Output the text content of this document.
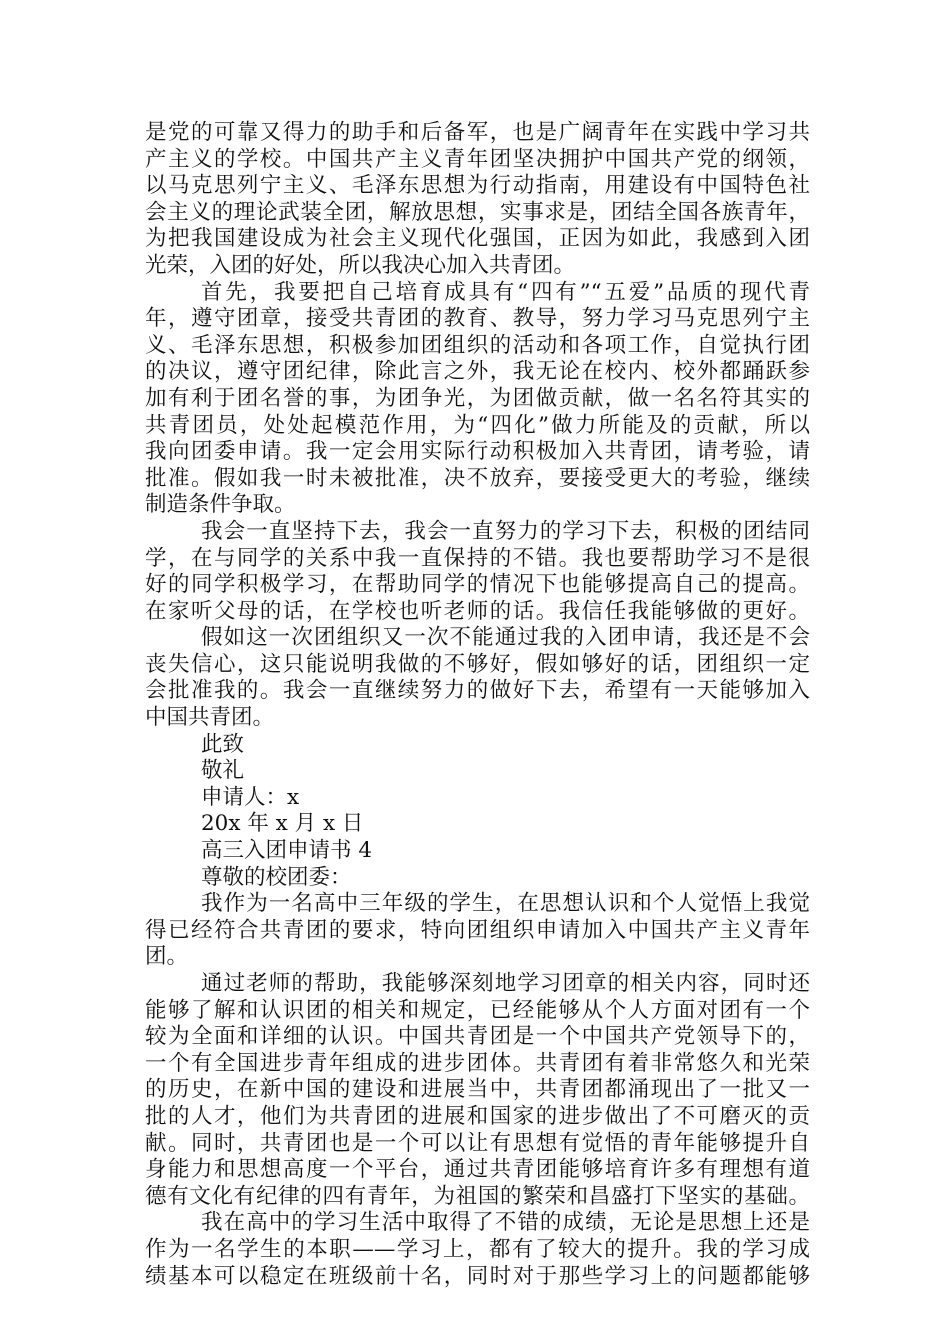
是党的可靠又得力的助手和后备军，也是广阔青年在实践中学习共
产主义的学校。中国共产主义青年团坚决拥护中国共产党的纲领，
以马克思列宁主义、毛泽东思想为行动指南，用建设有中国特色社
会主义的理论武装全团，解放思想，实事求是，团结全国各族青年，
为把我国建设成为社会主义现代化强国，正因为如此，我感到入团
光荣，入团的好处，所以我决心加入共青团。
首先，我要把自己培育成具有“四有”“五爱”品质的现代青
年，遵守团章，接受共青团的教育、教导，努力学习马克思列宁主
义、毛泽东思想，积极参加团组织的活动和各项工作，自觉执行团
的决议，遵守团纪律，除此言之外，我无论在校内、校外都踊跃参
加有利于团名誉的事，为团争光，为团做贡献，做一名名符其实的
共青团员，处处起模范作用，为“四化”做力所能及的贡献，所以
我向团委申请。我一定会用实际行动积极加入共青团，请考验，请
批准。假如我一时未被批准，决不放弃，要接受更大的考验，继续
制造条件争取。
我会一直坚持下去，我会一直努力的学习下去，积极的团结同
学，在与同学的关系中我一直保持的不错。我也要帮助学习不是很
好的同学积极学习，在帮助同学的情况下也能够提高自己的提高。
在家听父母的话，在学校也听老师的话。我信任我能够做的更好。
假如这一次团组织又一次不能通过我的入团申请，我还是不会
丧失信心，这只能说明我做的不够好，假如够好的话，团组织一定
会批准我的。我会一直继续努力的做好下去，希望有一天能够加入
中国共青团。
此致
敬礼
申请人：x
20x 年 x 月 x 日
高三入团申请书 4
尊敬的校团委：
我作为一名高中三年级的学生，在思想认识和个人觉悟上我觉
得已经符合共青团的要求，特向团组织申请加入中国共产主义青年
团。
通过老师的帮助，我能够深刻地学习团章的相关内容，同时还
能够了解和认识团的相关和规定，已经能够从个人方面对团有一个
较为全面和详细的认识。中国共青团是一个中国共产党领导下的，
一个有全国进步青年组成的进步团体。共青团有着非常悠久和光荣
的历史，在新中国的建设和进展当中，共青团都涌现出了一批又一
批的人才，他们为共青团的进展和国家的进步做出了不可磨灭的贡
献。同时，共青团也是一个可以让有思想有觉悟的青年能够提升自
身能力和思想高度一个平台，通过共青团能够培育许多有理想有道
德有文化有纪律的四有青年，为祖国的繁荣和昌盛打下坚实的基础。
我在高中的学习生活中取得了不错的成绩，无论是思想上还是
作为一名学生的本职——学习上，都有了较大的提升。我的学习成
绩基本可以稳定在班级前十名，同时对于那些学习上的问题都能够
